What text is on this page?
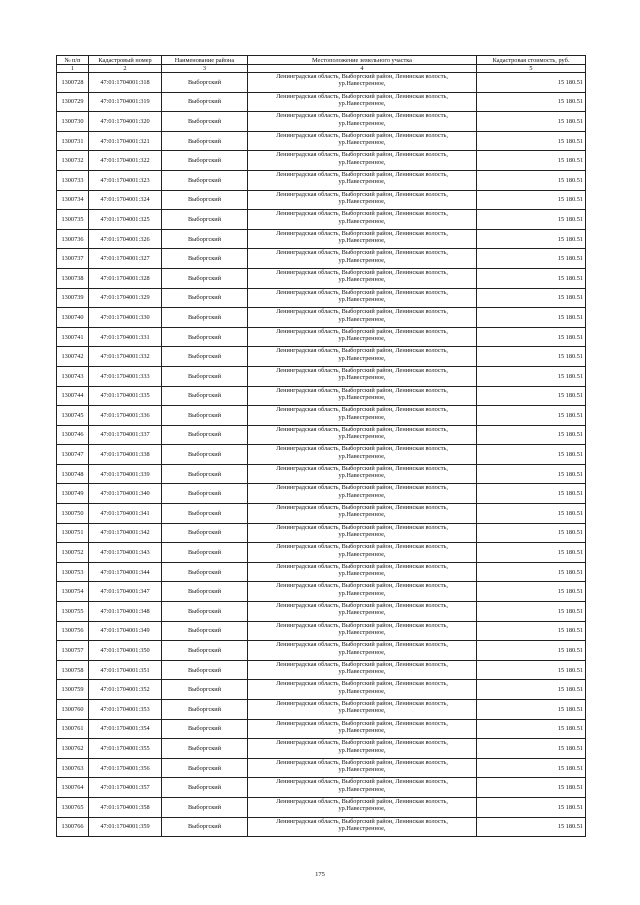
№ п/п	Кадастровый номер	Наименование района	Местоположение земельного участка	Кадастровая стоимость, руб.
1	2	3	4	5
1300728	47:01:1704001:318	Выборгский	Ленинградская область, Выборгский район, Ленинская волость,
ур.Навестренное,	15 180.51
1300729	47:01:1704001:319	Выборгский	Ленинградская область, Выборгский район, Ленинская волость,
ур.Навестренное,	15 180.51
1300730	47:01:1704001:320	Выборгский	Ленинградская область, Выборгский район, Ленинская волость,
ур.Навестренное,	15 180.51
1300731	47:01:1704001:321	Выборгский	Ленинградская область, Выборгский район, Ленинская волость,
ур.Навестренное,	15 180.51
1300732	47:01:1704001:322	Выборгский	Ленинградская область, Выборгский район, Ленинская волость,
ур.Навестренное,	15 180.51
1300733	47:01:1704001:323	Выборгский	Ленинградская область, Выборгский район, Ленинская волость,
ур.Навестренное,	15 180.51
1300734	47:01:1704001:324	Выборгский	Ленинградская область, Выборгский район, Ленинская волость,
ур.Навестренное,	15 180.51
1300735	47:01:1704001:325	Выборгский	Ленинградская область, Выборгский район, Ленинская волость,
ур.Навестренное,	15 180.51
1300736	47:01:1704001:326	Выборгский	Ленинградская область, Выборгский район, Ленинская волость,
ур.Навестренное,	15 180.51
1300737	47:01:1704001:327	Выборгский	Ленинградская область, Выборгский район, Ленинская волость,
ур.Навестренное,	15 180.51
1300738	47:01:1704001:328	Выборгский	Ленинградская область, Выборгский район, Ленинская волость,
ур.Навестренное,	15 180.51
1300739	47:01:1704001:329	Выборгский	Ленинградская область, Выборгский район, Ленинская волость,
ур.Навестренное,	15 180.51
1300740	47:01:1704001:330	Выборгский	Ленинградская область, Выборгский район, Ленинская волость,
ур.Навестренное,	15 180.51
1300741	47:01:1704001:331	Выборгский	Ленинградская область, Выборгский район, Ленинская волость,
ур.Навестренное,	15 180.51
1300742	47:01:1704001:332	Выборгский	Ленинградская область, Выборгский район, Ленинская волость,
ур.Навестренное,	15 180.51
1300743	47:01:1704001:333	Выборгский	Ленинградская область, Выборгский район, Ленинская волость,
ур.Навестренное,	15 180.51
1300744	47:01:1704001:335	Выборгский	Ленинградская область, Выборгский район, Ленинская волость,
ур.Навестренное,	15 180.51
1300745	47:01:1704001:336	Выборгский	Ленинградская область, Выборгский район, Ленинская волость,
ур.Навестренное,	15 180.51
1300746	47:01:1704001:337	Выборгский	Ленинградская область, Выборгский район, Ленинская волость,
ур.Навестренное,	15 180.51
1300747	47:01:1704001:338	Выборгский	Ленинградская область, Выборгский район, Ленинская волость,
ур.Навестренное,	15 180.51
1300748	47:01:1704001:339	Выборгский	Ленинградская область, Выборгский район, Ленинская волость,
ур.Навестренное,	15 180.51
1300749	47:01:1704001:340	Выборгский	Ленинградская область, Выборгский район, Ленинская волость,
ур.Навестренное,	15 180.51
1300750	47:01:1704001:341	Выборгский	Ленинградская область, Выборгский район, Ленинская волость,
ур.Навестренное,	15 180.51
1300751	47:01:1704001:342	Выборгский	Ленинградская область, Выборгский район, Ленинская волость,
ур.Навестренное,	15 180.51
1300752	47:01:1704001:343	Выборгский	Ленинградская область, Выборгский район, Ленинская волость,
ур.Навестренное,	15 180.51
1300753	47:01:1704001:344	Выборгский	Ленинградская область, Выборгский район, Ленинская волость,
ур.Навестренное,	15 180.51
1300754	47:01:1704001:347	Выборгский	Ленинградская область, Выборгский район, Ленинская волость,
ур.Навестренное,	15 180.51
1300755	47:01:1704001:348	Выборгский	Ленинградская область, Выборгский район, Ленинская волость,
ур.Навестренное,	15 180.51
1300756	47:01:1704001:349	Выборгский	Ленинградская область, Выборгский район, Ленинская волость,
ур.Навестренное,	15 180.51
1300757	47:01:1704001:350	Выборгский	Ленинградская область, Выборгский район, Ленинская волость,
ур.Навестренное,	15 180.51
1300758	47:01:1704001:351	Выборгский	Ленинградская область, Выборгский район, Ленинская волость,
ур.Навестренное,	15 180.51
1300759	47:01:1704001:352	Выборгский	Ленинградская область, Выборгский район, Ленинская волость,
ур.Навестренное,	15 180.51
1300760	47:01:1704001:353	Выборгский	Ленинградская область, Выборгский район, Ленинская волость,
ур.Навестренное,	15 180.51
1300761	47:01:1704001:354	Выборгский	Ленинградская область, Выборгский район, Ленинская волость,
ур.Навестренное,	15 180.51
1300762	47:01:1704001:355	Выборгский	Ленинградская область, Выборгский район, Ленинская волость,
ур.Навестренное,	15 180.51
1300763	47:01:1704001:356	Выборгский	Ленинградская область, Выборгский район, Ленинская волость,
ур.Навестренное,	15 180.51
1300764	47:01:1704001:357	Выборгский	Ленинградская область, Выборгский район, Ленинская волость,
ур.Навестренное,	15 180.51
1300765	47:01:1704001:358	Выборгский	Ленинградская область, Выборгский район, Ленинская волость,
ур.Навестренное,	15 180.51
1300766	47:01:1704001:359	Выборгский	Ленинградская область, Выборгский район, Ленинская волость,
ур.Навестренное,	15 180.51
175
